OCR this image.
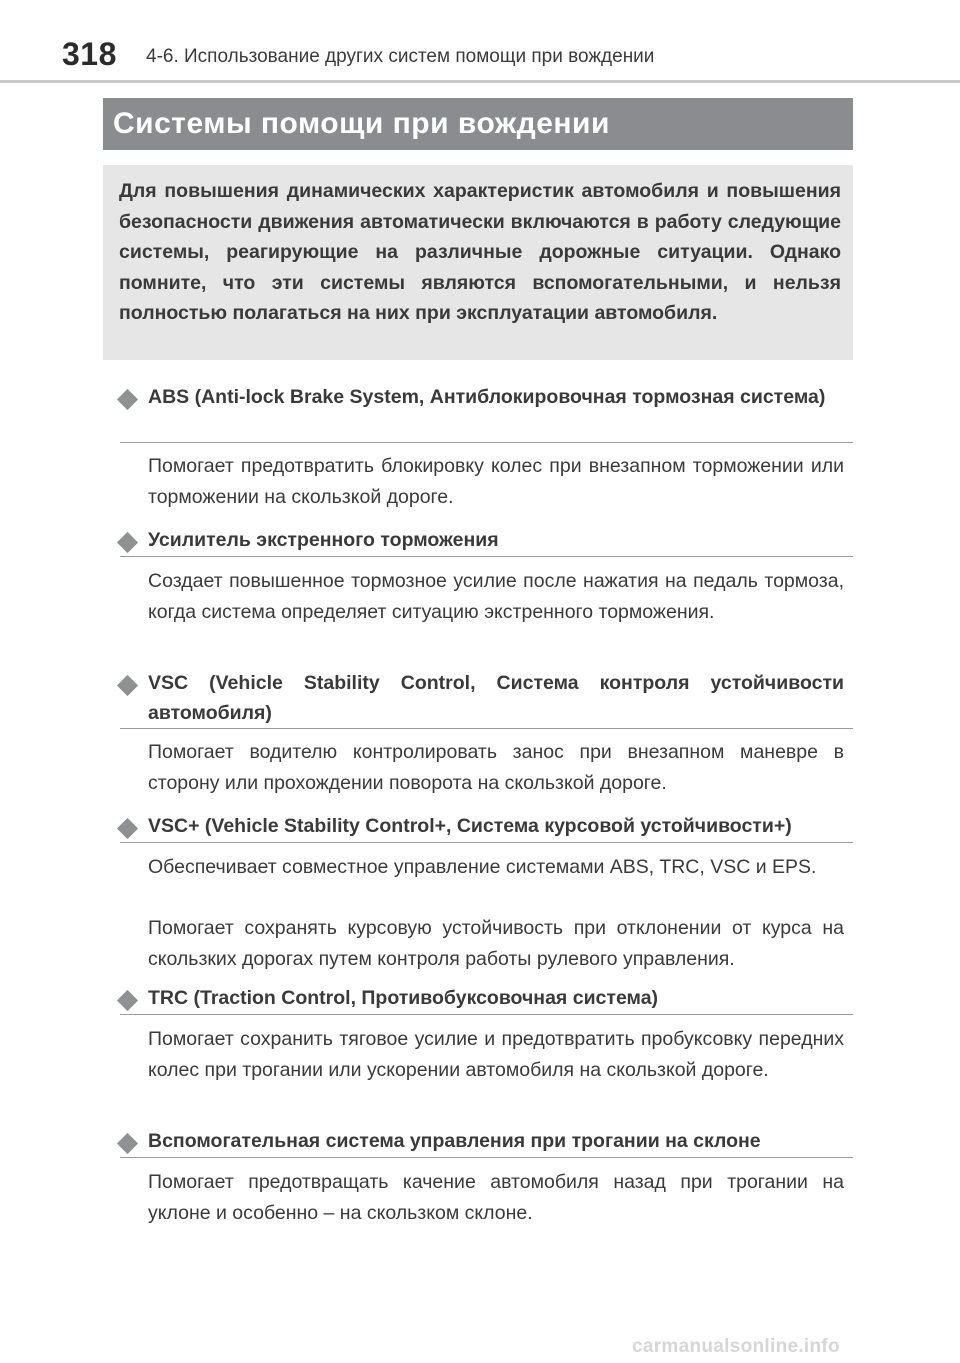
318 4-6. Использование других систем помощи при вождении
Системы помощи при вождении
Для повышения динамических характеристик автомобиля и повышения безопасности движения автоматически включаются в работу следующие системы, реагирующие на различные дорожные ситуации. Однако помните, что эти системы являются вспомогательными, и нельзя полностью полагаться на них при эксплуатации автомобиля.
ABS (Anti-lock Brake System, Антиблокировочная тормозная система)
Помогает предотвратить блокировку колес при внезапном торможении или торможении на скользкой дороге.
Усилитель экстренного торможения
Создает повышенное тормозное усилие после нажатия на педаль тормоза, когда система определяет ситуацию экстренного торможения.
VSC (Vehicle Stability Control, Система контроля устойчивости автомобиля)
Помогает водителю контролировать занос при внезапном маневре в сторону или прохождении поворота на скользкой дороге.
VSC+ (Vehicle Stability Control+, Система курсовой устойчивости+)
Обеспечивает совместное управление системами ABS, TRC, VSC и EPS.
Помогает сохранять курсовую устойчивость при отклонении от курса на скользких дорогах путем контроля работы рулевого управления.
TRC (Traction Control, Противобуксовочная система)
Помогает сохранить тяговое усилие и предотвратить пробуксовку передних колес при трогании или ускорении автомобиля на скользкой дороге.
Вспомогательная система управления при трогании на склоне
Помогает предотвращать качение автомобиля назад при трогании на уклоне и особенно – на скользком склоне.
carmanualsonline.info
